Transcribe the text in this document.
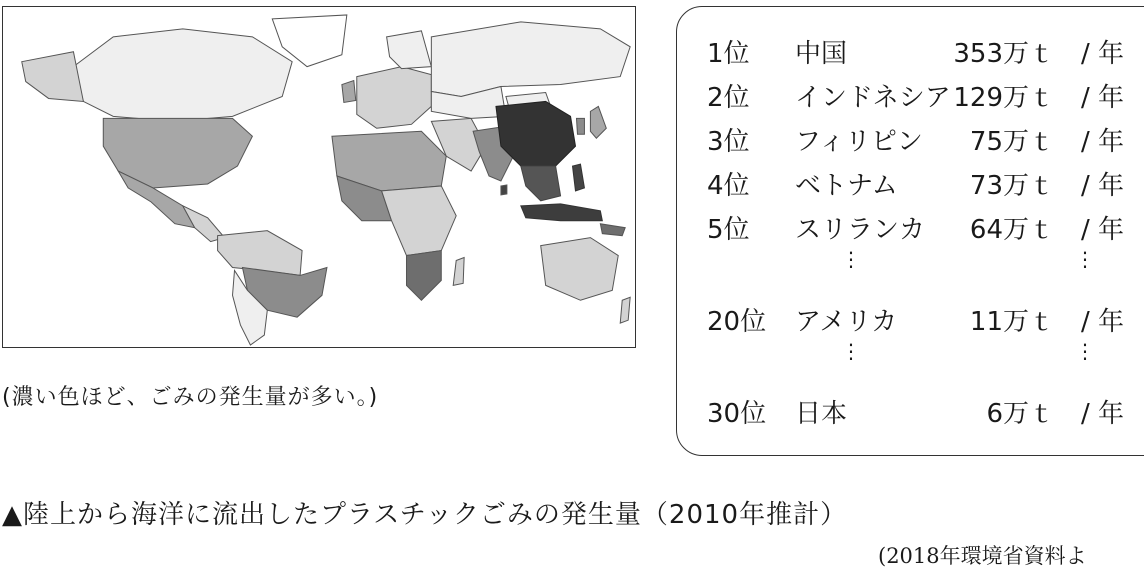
(濃い色ほど、ごみの発生量が多い。)
1位 中国	353万ｔ / 年
2位 インドネシア 129万ｔ / 年
3位 フィリピン 75万ｔ / 年
4位 ベトナム	73万ｔ / 年
5位 スリランカ 64万ｔ / 年
⋮	⋮
20位 アメリカ	11万ｔ / 年
⋮	⋮
30位 日本	6万ｔ / 年
▲陸上から海洋に流出したプラスチックごみの発生量（2010年推計）
(2018年環境省資料よ
